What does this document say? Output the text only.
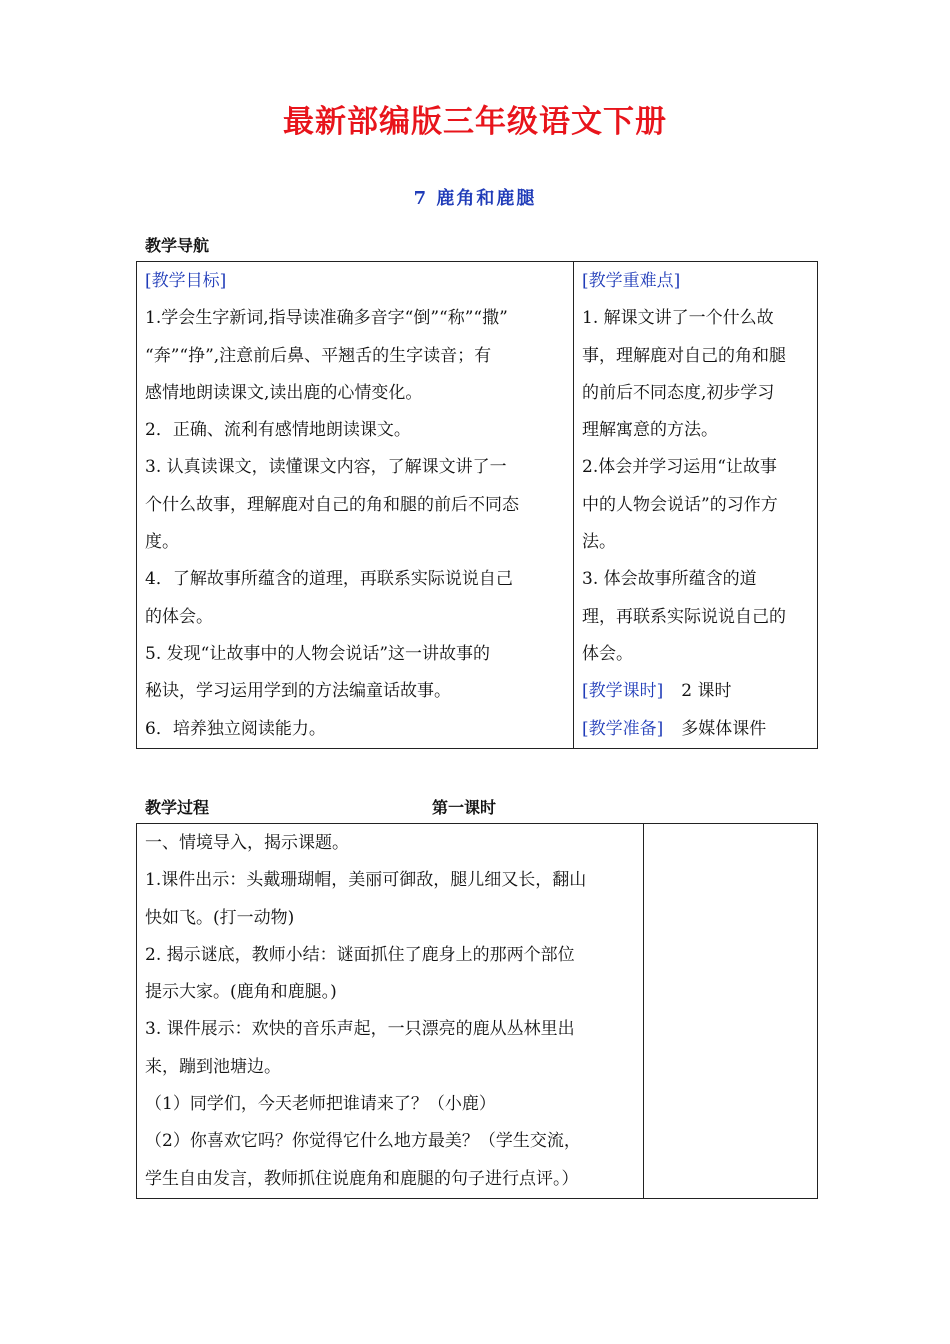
最新部编版三年级语文下册
7 鹿角和鹿腿
教学导航

[教学目标]

1.学会生字新词,指导读准确多音字“倒”“称”“撒”

“奔”“挣”,注意前后鼻、平翘舌的生字读音；有

感情地朗读课文,读出鹿的心情变化。

2．正确、流利有感情地朗读课文。

3. 认真读课文，读懂课文内容，了解课文讲了一

个什么故事，理解鹿对自己的角和腿的前后不同态

度。

4．了解故事所蕴含的道理，再联系实际说说自己

的体会。

5. 发现“让故事中的人物会说话”这一讲故事的

秘诀，学习运用学到的方法编童话故事。

6．培养独立阅读能力。

[教学重难点]

1. 解课文讲了一个什么故

事，理解鹿对自己的角和腿

的前后不同态度,初步学习

理解寓意的方法。

2.体会并学习运用“让故事

中的人物会说话”的习作方

法。

3. 体会故事所蕴含的道

理，再联系实际说说自己的

体会。

[教学课时] 2 课时

[教学准备] 多媒体课件

教学过程	第一课时

一、情境导入，揭示课题。

1.课件出示：头戴珊瑚帽，美丽可御敌，腿儿细又长，翻山

快如飞。(打一动物)

2. 揭示谜底，教师小结：谜面抓住了鹿身上的那两个部位

提示大家。(鹿角和鹿腿。)

3. 课件展示：欢快的音乐声起，一只漂亮的鹿从丛林里出

来，蹦到池塘边。

（1）同学们，今天老师把谁请来了？（小鹿）

（2）你喜欢它吗？你觉得它什么地方最美？（学生交流，

学生自由发言，教师抓住说鹿角和鹿腿的句子进行点评。）
